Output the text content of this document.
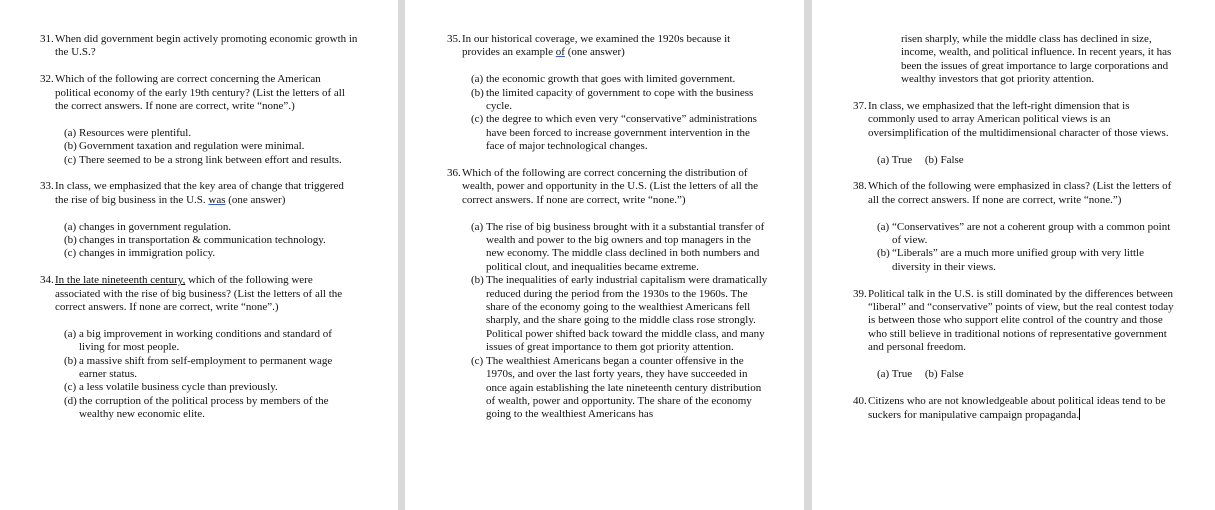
31. When did government begin actively promoting economic growth in the U.S.?
32. Which of the following are correct concerning the American political economy of the early 19th century? (List the letters of all the correct answers. If none are correct, write “none”.)
(a) Resources were plentiful.
(b) Government taxation and regulation were minimal.
(c) There seemed to be a strong link between effort and results.
33. In class, we emphasized that the key area of change that triggered the rise of big business in the U.S. was (one answer)
(a) changes in government regulation.
(b) changes in transportation & communication technology.
(c) changes in immigration policy.
34. In the late nineteenth century, which of the following were associated with the rise of big business? (List the letters of all the correct answers. If none are correct, write “none”.)
(a) a big improvement in working conditions and standard of living for most people.
(b) a massive shift from self-employment to permanent wage earner status.
(c) a less volatile business cycle than previously.
(d) the corruption of the political process by members of the wealthy new economic elite.
35. In our historical coverage, we examined the 1920s because it provides an example of (one answer)
(a) the economic growth that goes with limited government.
(b) the limited capacity of government to cope with the business cycle.
(c) the degree to which even very “conservative” administrations have been forced to increase government intervention in the face of major technological changes.
36. Which of the following are correct concerning the distribution of wealth, power and opportunity in the U.S. (List the letters of all the correct answers. If none are correct, write “none.”)
(a) The rise of big business brought with it a substantial transfer of wealth and power to the big owners and top managers in the new economy. The middle class declined in both numbers and political clout, and inequalities became extreme.
(b) The inequalities of early industrial capitalism were dramatically reduced during the period from the 1930s to the 1960s. The share of the economy going to the wealthiest Americans fell sharply, and the share going to the middle class rose strongly. Political power shifted back toward the middle class, and many issues of great importance to them got priority attention.
(c) The wealthiest Americans began a counter offensive in the 1970s, and over the last forty years, they have succeeded in once again establishing the late nineteenth century distribution of wealth, power and opportunity. The share of the economy going to the wealthiest Americans has
risen sharply, while the middle class has declined in size, income, wealth, and political influence. In recent years, it has been the issues of great importance to large corporations and wealthy investors that got priority attention.
37. In class, we emphasized that the left-right dimension that is commonly used to array American political views is an oversimplification of the multidimensional character of those views.
(a) True (b) False
38. Which of the following were emphasized in class? (List the letters of all the correct answers. If none are correct, write “none.”)
(a) “Conservatives” are not a coherent group with a common point of view.
(b) “Liberals” are a much more unified group with very little diversity in their views.
39. Political talk in the U.S. is still dominated by the differences between “liberal” and “conservative” points of view, but the real contest today is between those who support elite control of the country and those who still believe in traditional notions of representative government and personal freedom.
(a) True (b) False
40. Citizens who are not knowledgeable about political ideas tend to be suckers for manipulative campaign propaganda.
